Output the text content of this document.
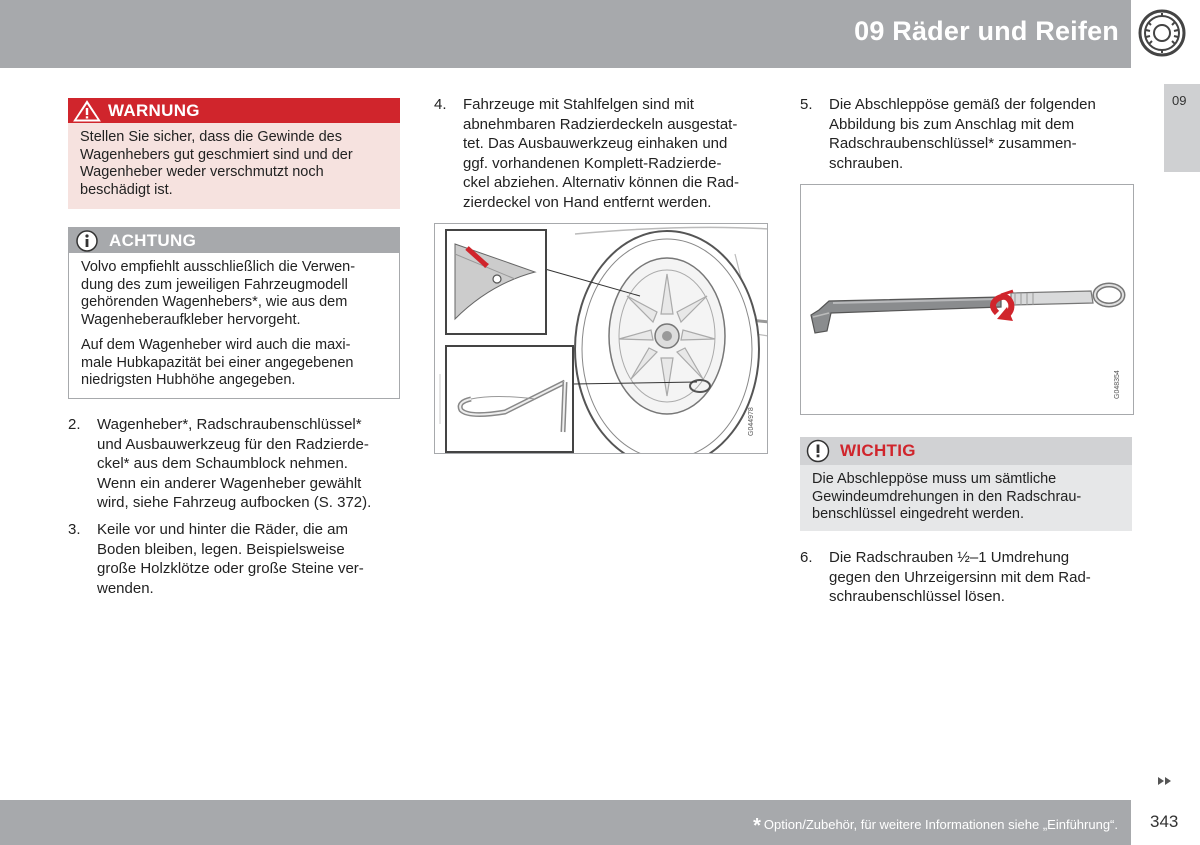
09 Räder und Reifen
09
WARNUNG
Stellen Sie sicher, dass die Gewinde des
Wagenhebers gut geschmiert sind und der
Wagenheber weder verschmutzt noch
beschädigt ist.
ACHTUNG

Volvo empfiehlt ausschließlich die Verwen-
dung des zum jeweiligen Fahrzeugmodell
gehörenden Wagenhebers*, wie aus dem
Wagenheberaufkleber hervorgeht.

Auf dem Wagenheber wird auch die maxi-
male Hubkapazität bei einer angegebenen
niedrigsten Hubhöhe angegeben.

2. Wagenheber*, Radschraubenschlüssel*
und Ausbauwerkzeug für den Radzierde-
ckel* aus dem Schaumblock nehmen.
Wenn ein anderer Wagenheber gewählt
wird, siehe Fahrzeug aufbocken (S. 372).
3. Keile vor und hinter die Räder, die am
Boden bleiben, legen. Beispielsweise
große Holzklötze oder große Steine ver-
wenden.
4. Fahrzeuge mit Stahlfelgen sind mit
abnehmbaren Radzierdeckeln ausgestat-
tet. Das Ausbauwerkzeug einhaken und
ggf. vorhandenen Komplett-Radzierde-
ckel abziehen. Alternativ können die Rad-
zierdeckel von Hand entfernt werden.
G044978
5. Die Abschleppöse gemäß der folgenden
Abbildung bis zum Anschlag mit dem
Radschraubenschlüssel* zusammen-
schrauben.
G048354
WICHTIG
Die Abschleppöse muss um sämtliche
Gewindeumdrehungen in den Radschrau-
benschlüssel eingedreht werden.
6. Die Radschrauben ½–1 Umdrehung
gegen den Uhrzeigersinn mit dem Rad-
schraubenschlüssel lösen.
* Option/Zubehör, für weitere Informationen siehe „Einführung“. 343
